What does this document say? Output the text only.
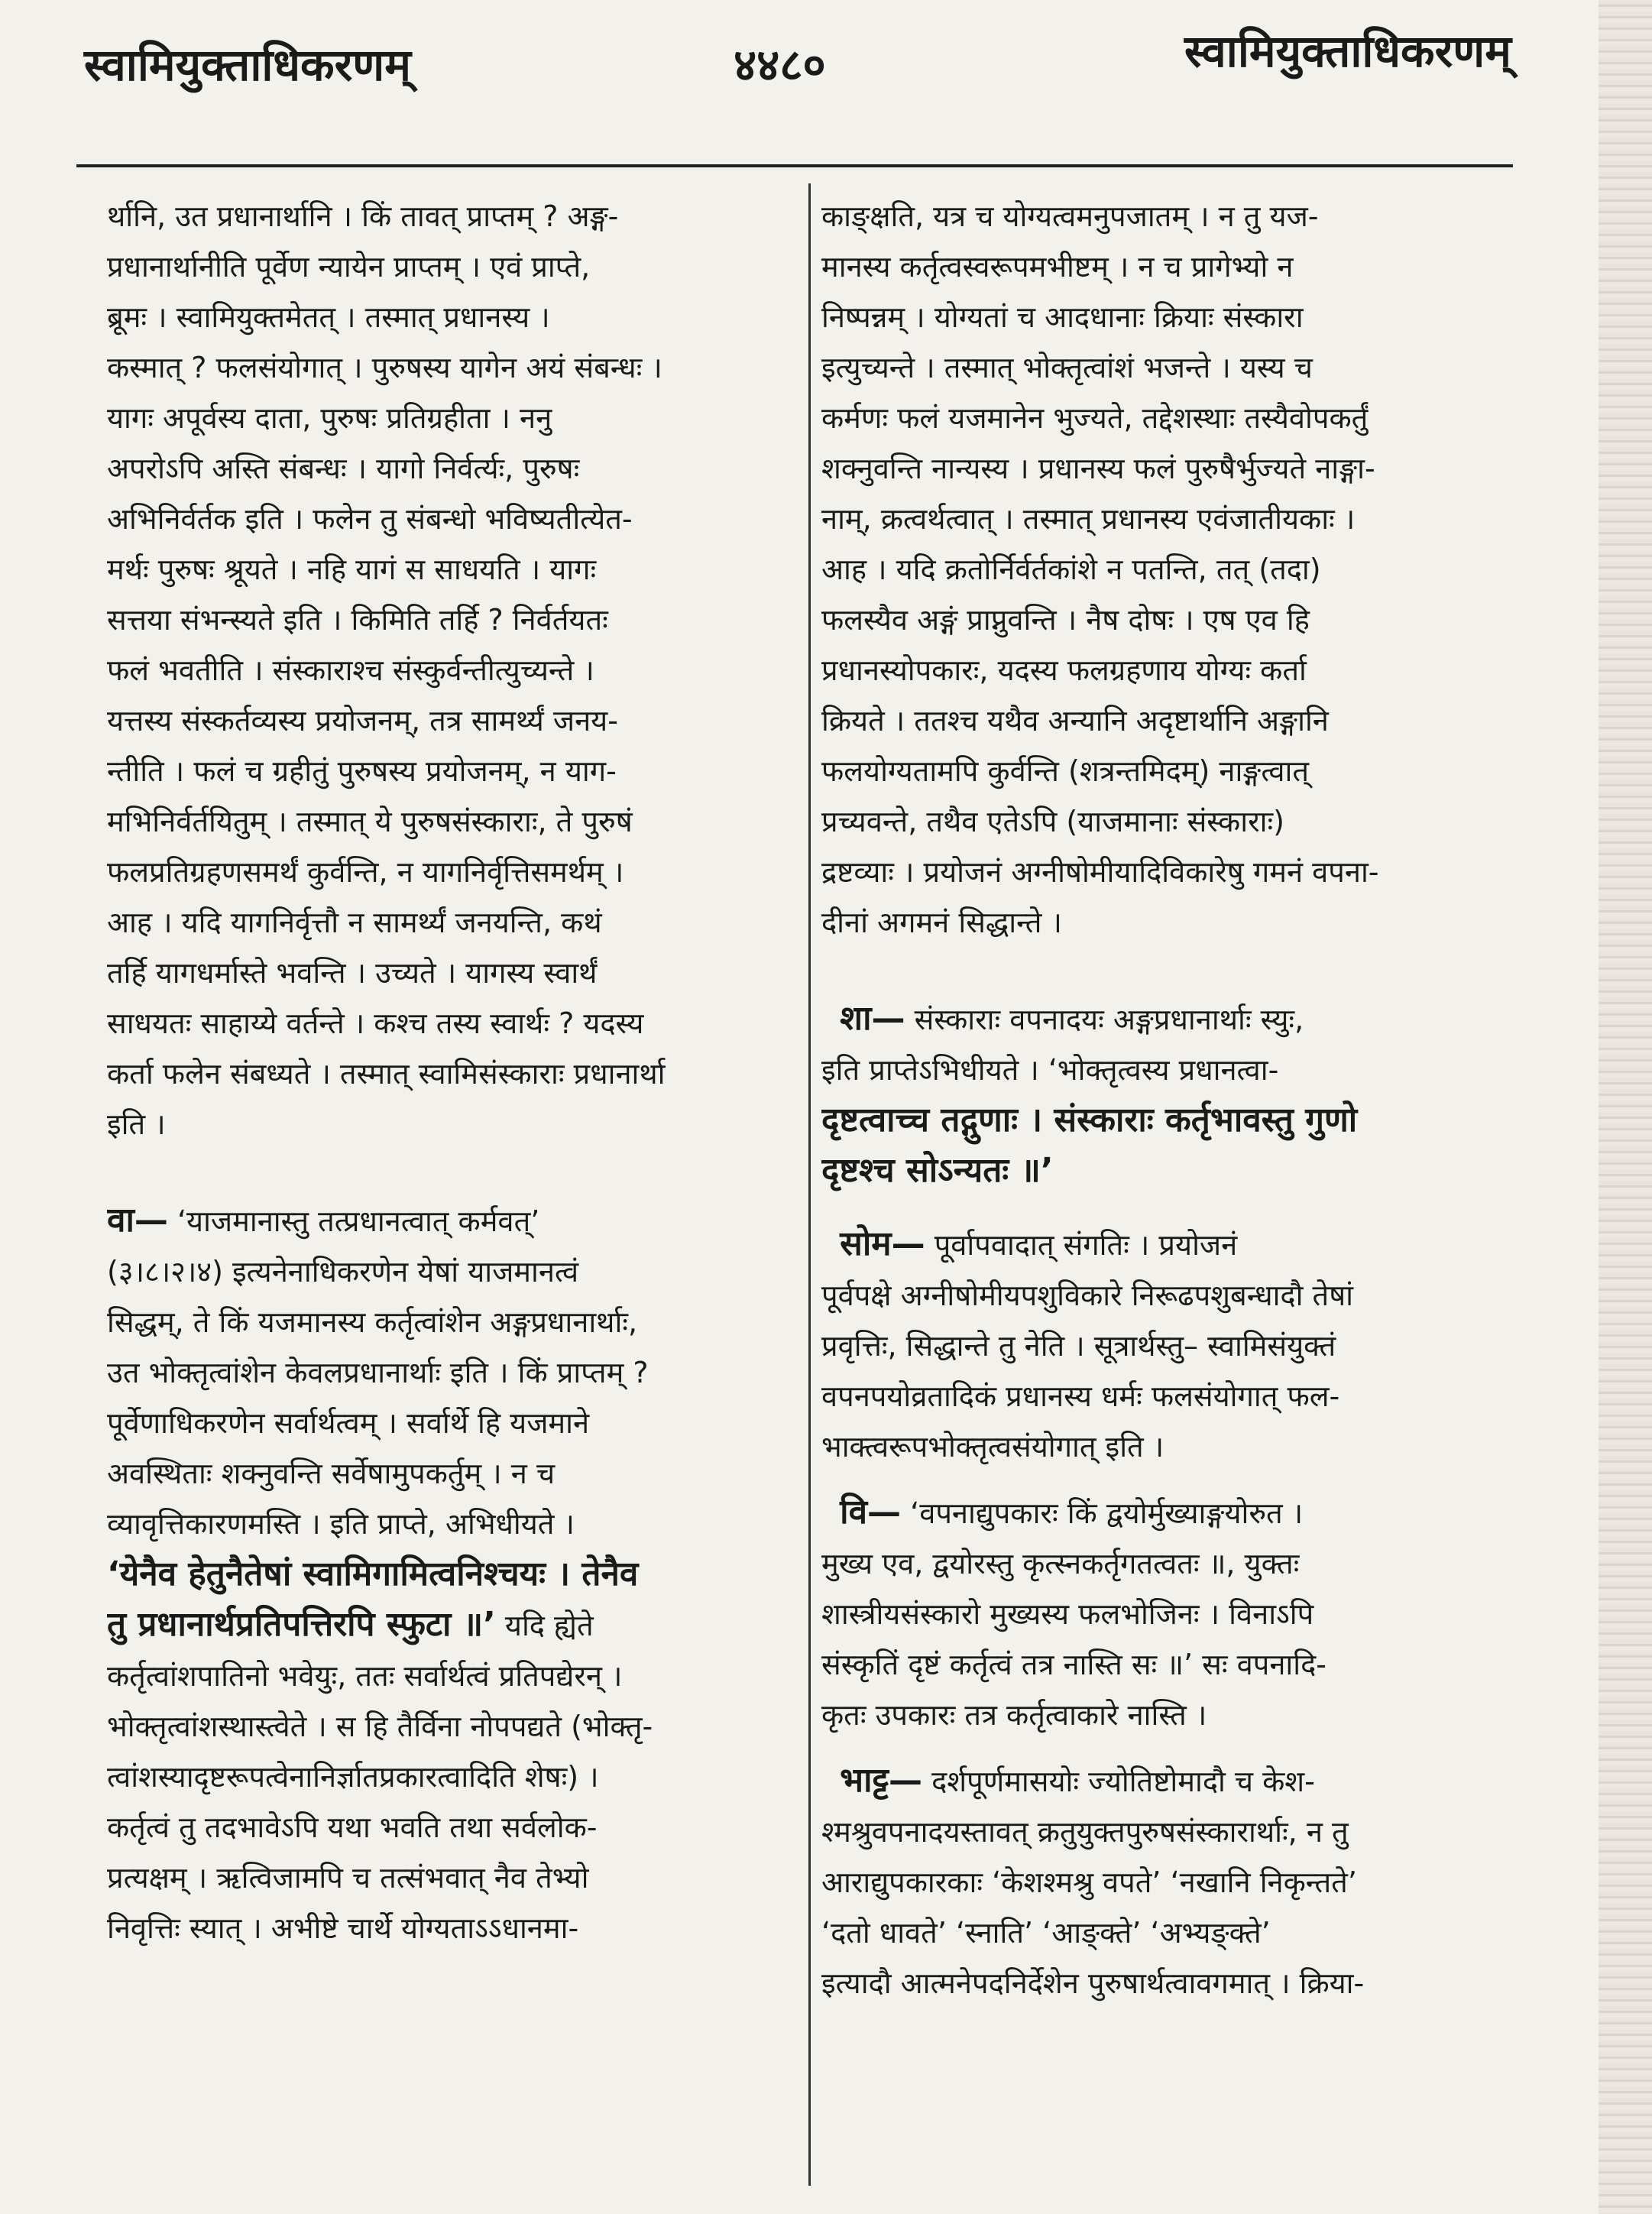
स्वामियुक्ताधिकरणम्	४४८०	स्वामियुक्ताधिकरणम्

र्थानि, उत प्रधानार्थानि । किं तावत् प्राप्तम् ? अङ्ग-

प्रधानार्थानीति पूर्वेण न्यायेन प्राप्तम् । एवं प्राप्ते,

ब्रूमः । स्वामियुक्तमेतत् । तस्मात् प्रधानस्य ।

कस्मात् ? फलसंयोगात् । पुरुषस्य यागेन अयं संबन्धः ।

यागः अपूर्वस्य दाता, पुरुषः प्रतिग्रहीता । ननु

अपरोऽपि अस्ति संबन्धः । यागो निर्वर्त्यः, पुरुषः

अभिनिर्वर्तक इति । फलेन तु संबन्धो भविष्यतीत्येत-

मर्थः पुरुषः श्रूयते । नहि यागं स साधयति । यागः

सत्तया संभन्स्यते इति । किमिति तर्हि ? निर्वर्तयतः

फलं भवतीति । संस्काराश्च संस्कुर्वन्तीत्युच्यन्ते ।

यत्तस्य संस्कर्तव्यस्य प्रयोजनम्, तत्र सामर्थ्यं जनय-

न्तीति । फलं च ग्रहीतुं पुरुषस्य प्रयोजनम्, न याग-

मभिनिर्वर्तयितुम् । तस्मात् ये पुरुषसंस्काराः, ते पुरुषं

फलप्रतिग्रहणसमर्थं कुर्वन्ति, न यागनिर्वृत्तिसमर्थम् ।

आह । यदि यागनिर्वृत्तौ न सामर्थ्यं जनयन्ति, कथं

तर्हि यागधर्मास्ते भवन्ति । उच्यते । यागस्य स्वार्थं

साधयतः साहाय्ये वर्तन्ते । कश्च तस्य स्वार्थः ? यदस्य

कर्ता फलेन संबध्यते । तस्मात् स्वामिसंस्काराः प्रधानार्था

इति ।

वा— ‘याजमानास्तु तत्प्रधानत्वात् कर्मवत्’

(३।८।२।४) इत्यनेनाधिकरणेन येषां याजमानत्वं

सिद्धम्, ते किं यजमानस्य कर्तृत्वांशेन अङ्गप्रधानार्थाः,

उत भोक्तृत्वांशेन केवलप्रधानार्थाः इति । किं प्राप्तम् ?

पूर्वेणाधिकरणेन सर्वार्थत्वम् । सर्वार्थे हि यजमाने

अवस्थिताः शक्नुवन्ति सर्वेषामुपकर्तुम् । न च

व्यावृत्तिकारणमस्ति । इति प्राप्ते, अभिधीयते ।

‘येनैव हेतुनैतेषां स्वामिगामित्वनिश्चयः । तेनैव

तु प्रधानार्थप्रतिपत्तिरपि स्फुटा ॥’ यदि ह्येते

कर्तृत्वांशपातिनो भवेयुः, ततः सर्वार्थत्वं प्रतिपद्येरन् ।

भोक्तृत्वांशस्थास्त्वेते । स हि तैर्विना नोपपद्यते (भोक्तृ-

त्वांशस्यादृष्टरूपत्वेनानिर्ज्ञातप्रकारत्वादिति शेषः) ।

कर्तृत्वं तु तदभावेऽपि यथा भवति तथा सर्वलोक-

प्रत्यक्षम् । ऋत्विजामपि च तत्संभवात् नैव तेभ्यो

निवृत्तिः स्यात् । अभीष्टे चार्थे योग्यताऽऽधानमा-

काङ्क्षति, यत्र च योग्यत्वमनुपजातम् । न तु यज-

मानस्य कर्तृत्वस्वरूपमभीष्टम् । न च प्रागेभ्यो न

निष्पन्नम् । योग्यतां च आदधानाः क्रियाः संस्कारा

इत्युच्यन्ते । तस्मात् भोक्तृत्वांशं भजन्ते । यस्य च

कर्मणः फलं यजमानेन भुज्यते, तद्देशस्थाः तस्यैवोपकर्तुं

शक्नुवन्ति नान्यस्य । प्रधानस्य फलं पुरुषैर्भुज्यते नाङ्गा-

नाम्, क्रत्वर्थत्वात् । तस्मात् प्रधानस्य एवंजातीयकाः ।

आह । यदि क्रतोर्निर्वर्तकांशे न पतन्ति, तत् (तदा)

फलस्यैव अङ्गं प्राप्नुवन्ति । नैष दोषः । एष एव हि

प्रधानस्योपकारः, यदस्य फलग्रहणाय योग्यः कर्ता

क्रियते । ततश्च यथैव अन्यानि अदृष्टार्थानि अङ्गानि

फलयोग्यतामपि कुर्वन्ति (शत्रन्तमिदम्) नाङ्गत्वात्

प्रच्यवन्ते, तथैव एतेऽपि (याजमानाः संस्काराः)

द्रष्टव्याः । प्रयोजनं अग्नीषोमीयादिविकारेषु गमनं वपना-

दीनां अगमनं सिद्धान्ते ।

शा— संस्काराः वपनादयः अङ्गप्रधानार्थाः स्युः,

इति प्राप्तेऽभिधीयते । ‘भोक्तृत्वस्य प्रधानत्वा-

दृष्टत्वाच्च तद्गुणाः । संस्काराः कर्तृभावस्तु गुणो

दृष्टश्च सोऽन्यतः ॥’

सोम— पूर्वापवादात् संगतिः । प्रयोजनं

पूर्वपक्षे अग्नीषोमीयपशुविकारे निरूढपशुबन्धादौ तेषां

प्रवृत्तिः, सिद्धान्ते तु नेति । सूत्रार्थस्तु– स्वामिसंयुक्तं

वपनपयोव्रतादिकं प्रधानस्य धर्मः फलसंयोगात् फल-

भाक्त्वरूपभोक्तृत्वसंयोगात् इति ।

वि— ‘वपनाद्युपकारः किं द्वयोर्मुख्याङ्गयोरुत ।

मुख्य एव, द्वयोरस्तु कृत्स्नकर्तृगतत्वतः ॥, युक्तः

शास्त्रीयसंस्कारो मुख्यस्य फलभोजिनः । विनाऽपि

संस्कृतिं दृष्टं कर्तृत्वं तत्र नास्ति सः ॥’ सः वपनादि-

कृतः उपकारः तत्र कर्तृत्वाकारे नास्ति ।

भाट्ट— दर्शपूर्णमासयोः ज्योतिष्टोमादौ च केश-

श्मश्रुवपनादयस्तावत् क्रतुयुक्तपुरुषसंस्कारार्थाः, न तु

आराद्युपकारकाः ‘केशश्मश्रु वपते’ ‘नखानि निकृन्तते’

‘दतो धावते’ ‘स्नाति’ ‘आङ्क्ते’ ‘अभ्यङ्क्ते’

इत्यादौ आत्मनेपदनिर्देशेन पुरुषार्थत्वावगमात् । क्रिया-
